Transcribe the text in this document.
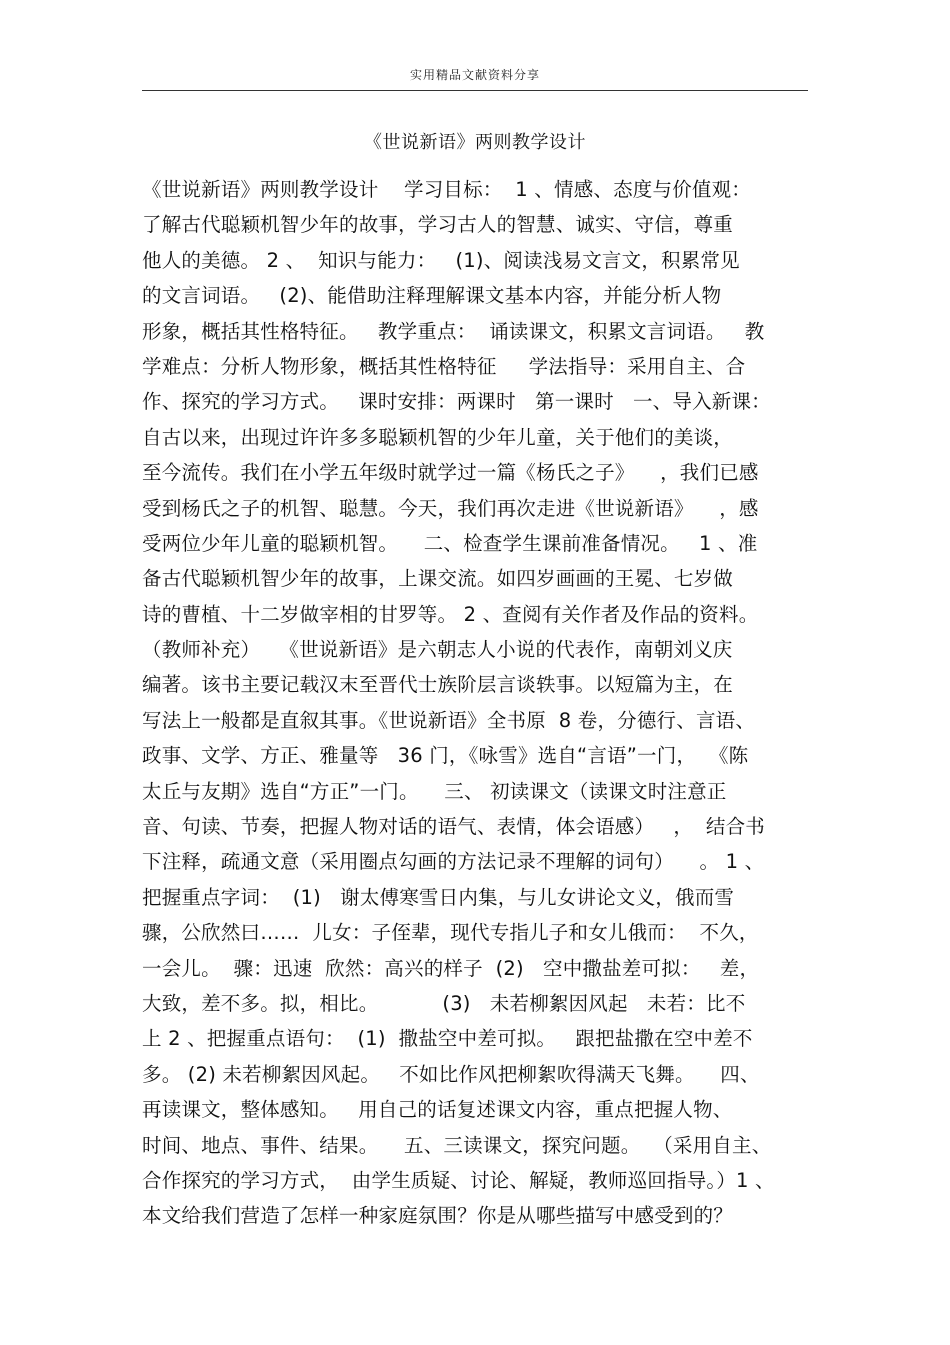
实用精品文献资料分享
《世说新语》两则教学设计
《世说新语》两则教学设计    学习目标：  1 、情感、态度与价值观：
了解古代聪颖机智少年的故事，学习古人的智慧、诚实、守信，尊重
他人的美德。 2 、  知识与能力：   (1)、阅读浅易文言文，积累常见
的文言词语。   (2)、能借助注释理解课文基本内容，并能分析人物
形象，概括其性格特征。   教学重点：  诵读课文，积累文言词语。   教
学难点：分析人物形象，概括其性格特征     学法指导：采用自主、合
作、探究的学习方式。   课时安排：两课时   第一课时   一、导入新课：
自古以来，出现过许许多多聪颖机智的少年儿童，关于他们的美谈，
至今流传。我们在小学五年级时就学过一篇《杨氏之子》    ，我们已感
受到杨氏之子的机智、聪慧。今天，我们再次走进《世说新语》    ，感
受两位少年儿童的聪颖机智。    二、检查学生课前准备情况。   1 、准
备古代聪颖机智少年的故事，上课交流。如四岁画画的王冕、七岁做
诗的曹植、十二岁做宰相的甘罗等。 2 、查阅有关作者及作品的资料。
（教师补充）   《世说新语》是六朝志人小说的代表作，南朝刘义庆
编著。该书主要记载汉末至晋代士族阶层言谈轶事。以短篇为主，在
写法上一般都是直叙其事。《世说新语》全书原  8 卷，分德行、言语、
政事、文学、方正、雅量等   36 门，《咏雪》选自“言语”一门，  《陈
太丘与友期》选自“方正”一门。    三、 初读课文（读课文时注意正
音、句读、节奏，把握人物对话的语气、表情，体会语感）   ，  结合书
下注释，疏通文意（采用圈点勾画的方法记录不理解的词句）    。 1 、
把握重点字词：  (1)   谢太傅寒雪日内集，与儿女讲论文义，俄而雪
骤，公欣然曰……  儿女：子侄辈，现代专指儿子和女儿俄而：  不久，
一会儿。  骤：迅速  欣然：高兴的样子  (2)   空中撒盐差可拟：   差，
大致，差不多。拟，相比。          (3)   未若柳絮因风起   未若：比不
上 2 、把握重点语句：  (1)  撒盐空中差可拟。   跟把盐撒在空中差不
多。 (2) 未若柳絮因风起。   不如比作风把柳絮吹得满天飞舞。    四、
再读课文，整体感知。   用自己的话复述课文内容，重点把握人物、
时间、地点、事件、结果。    五、三读课文，探究问题。  （采用自主、
合作探究的学习方式，  由学生质疑、讨论、解疑，教师巡回指导。）1 、
本文给我们营造了怎样一种家庭氛围？你是从哪些描写中感受到的？
